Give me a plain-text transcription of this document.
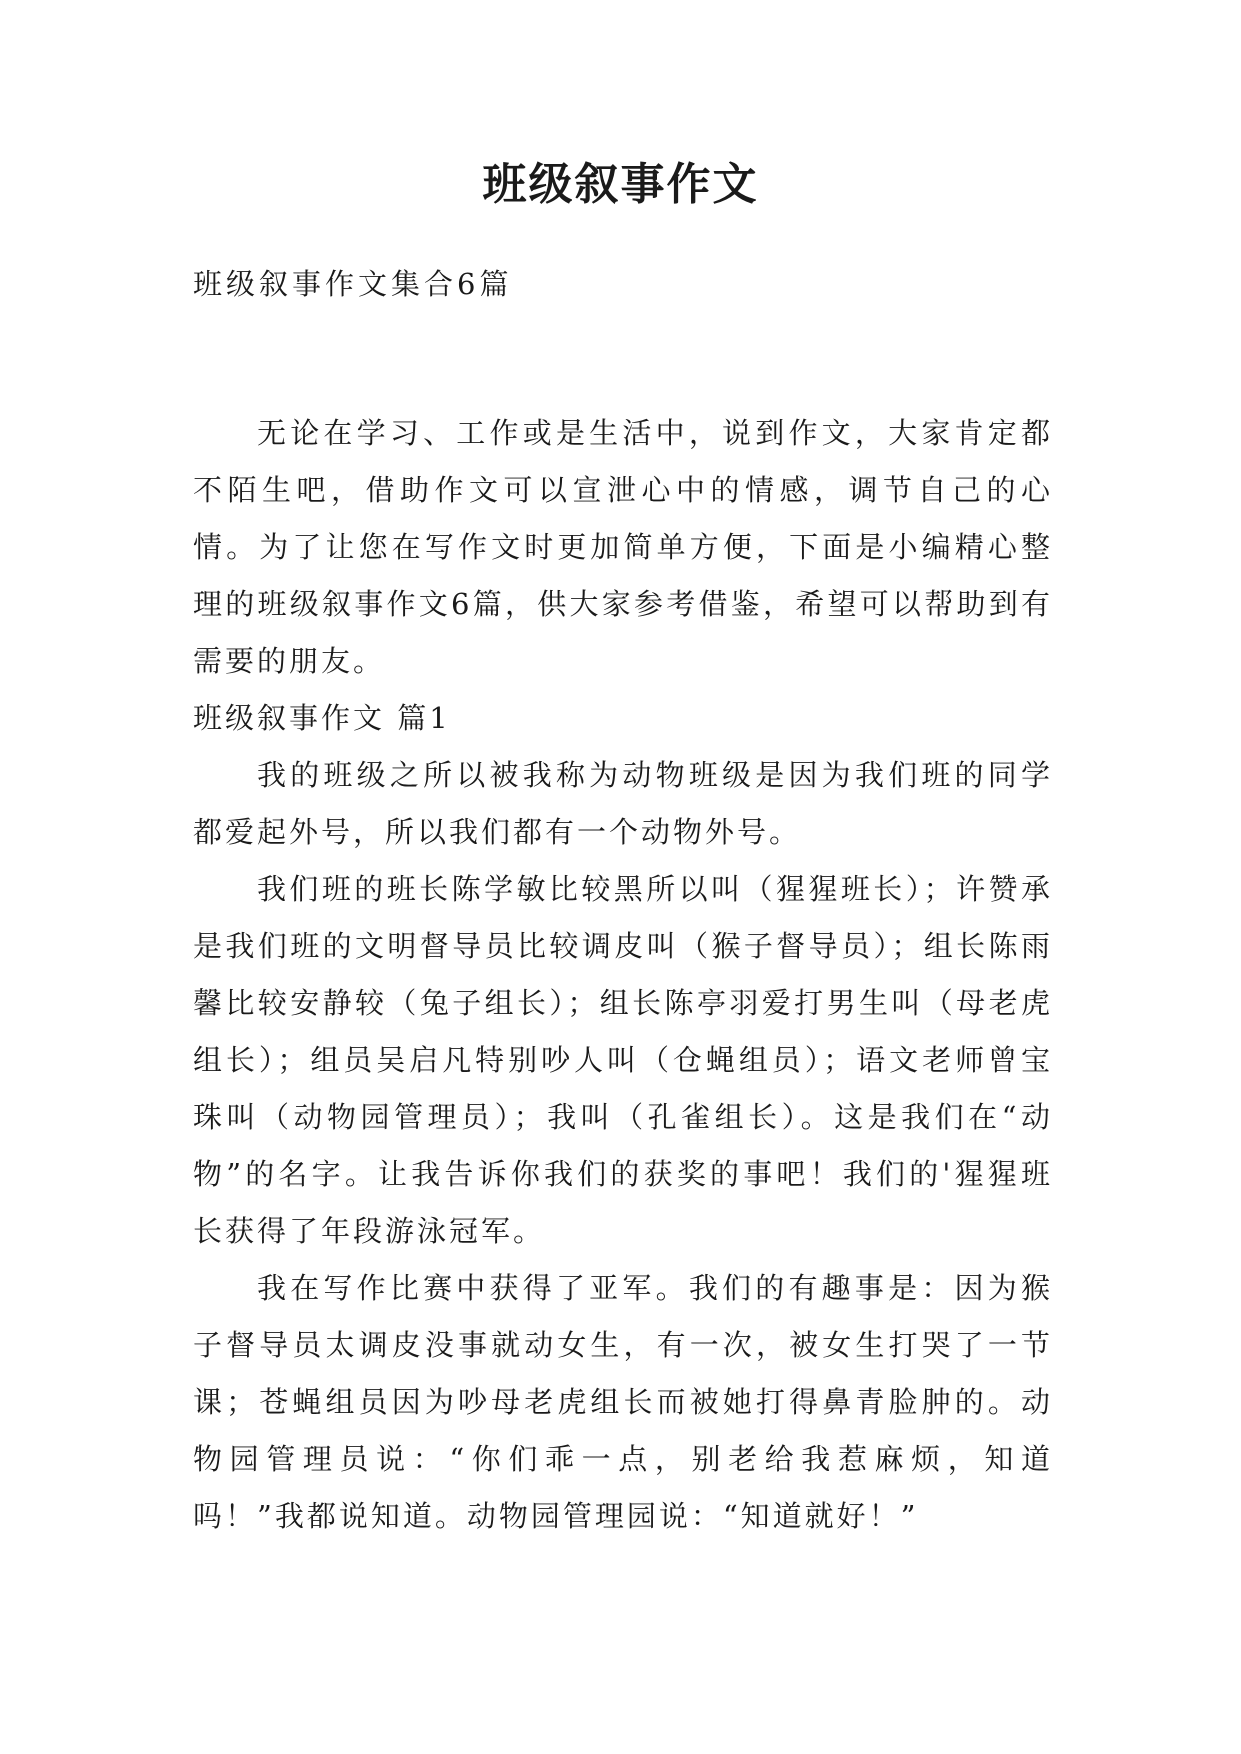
班级叙事作文

班级叙事作文集合6篇

无论在学习、工作或是生活中，说到作文，大家肯定都不陌生吧，借助作文可以宣泄心中的情感，调节自己的心情。为了让您在写作文时更加简单方便，下面是小编精心整理的班级叙事作文6篇，供大家参考借鉴，希望可以帮助到有需要的朋友。

班级叙事作文 篇1

我的班级之所以被我称为动物班级是因为我们班的同学都爱起外号，所以我们都有一个动物外号。

我们班的班长陈学敏比较黑所以叫（猩猩班长）；许赞承是我们班的文明督导员比较调皮叫（猴子督导员）；组长陈雨馨比较安静较（兔子组长）；组长陈亭羽爱打男生叫（母老虎组长）；组员吴启凡特别吵人叫（仓蝇组员）；语文老师曾宝珠叫（动物园管理员）；我叫（孔雀组长）。这是我们在“动物”的名字。让我告诉你我们的获奖的事吧！我们的'猩猩班长获得了年段游泳冠军。

我在写作比赛中获得了亚军。我们的有趣事是：因为猴子督导员太调皮没事就动女生，有一次，被女生打哭了一节课；苍蝇组员因为吵母老虎组长而被她打得鼻青脸肿的。动物园管理员说：“你们乖一点，别老给我惹麻烦，知道吗！”我都说知道。动物园管理园说：“知道就好！”
